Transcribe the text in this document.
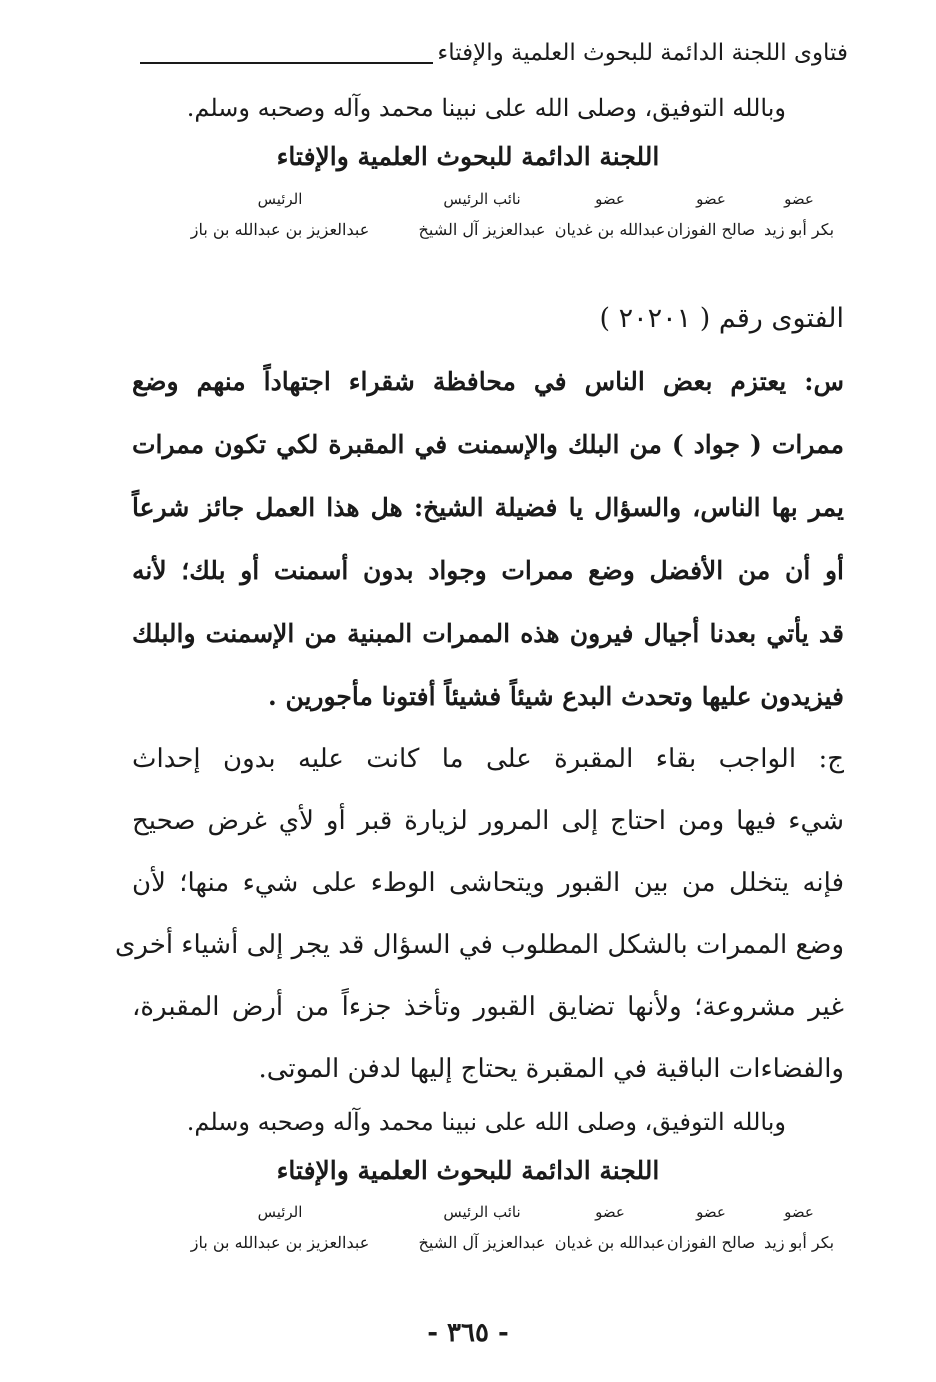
فتاوى اللجنة الدائمة للبحوث العلمية والإفتاء
وبالله التوفيق، وصلى الله على نبينا محمد وآله وصحبه وسلم.
اللجنة الدائمة للبحوث العلمية والإفتاء
عضو
عضو
عضو
نائب الرئيس
الرئيس
بكر أبو زيد
صالح الفوزان
عبدالله بن غديان
عبدالعزيز آل الشيخ
عبدالعزيز بن عبدالله بن باز
الفتوى رقم ( ٢٠٢٠١ )
س: يعتزم بعض الناس في محافظة شقراء اجتهاداً منهم وضع
ممرات ( جواد ) من البلك والإسمنت في المقبرة لكي تكون ممرات
يمر بها الناس، والسؤال يا فضيلة الشيخ: هل هذا العمل جائز شرعاً
أو أن من الأفضل وضع ممرات وجواد بدون أسمنت أو بلك؛ لأنه
قد يأتي بعدنا أجيال فيرون هذه الممرات المبنية من الإسمنت والبلك
فيزيدون عليها وتحدث البدع شيئاً فشيئاً أفتونا مأجورين .
ج: الواجب بقاء المقبرة على ما كانت عليه بدون إحداث
شيء فيها ومن احتاج إلى المرور لزيارة قبر أو لأي غرض صحيح
فإنه يتخلل من بين القبور ويتحاشى الوطء على شيء منها؛ لأن
وضع الممرات بالشكل المطلوب في السؤال قد يجر إلى أشياء أخرى
غير مشروعة؛ ولأنها تضايق القبور وتأخذ جزءاً من أرض المقبرة،
والفضاءات الباقية في المقبرة يحتاج إليها لدفن الموتى.
وبالله التوفيق، وصلى الله على نبينا محمد وآله وصحبه وسلم.
اللجنة الدائمة للبحوث العلمية والإفتاء
عضو
عضو
عضو
نائب الرئيس
الرئيس
بكر أبو زيد
صالح الفوزان
عبدالله بن غديان
عبدالعزيز آل الشيخ
عبدالعزيز بن عبدالله بن باز
- ٣٦٥ -
